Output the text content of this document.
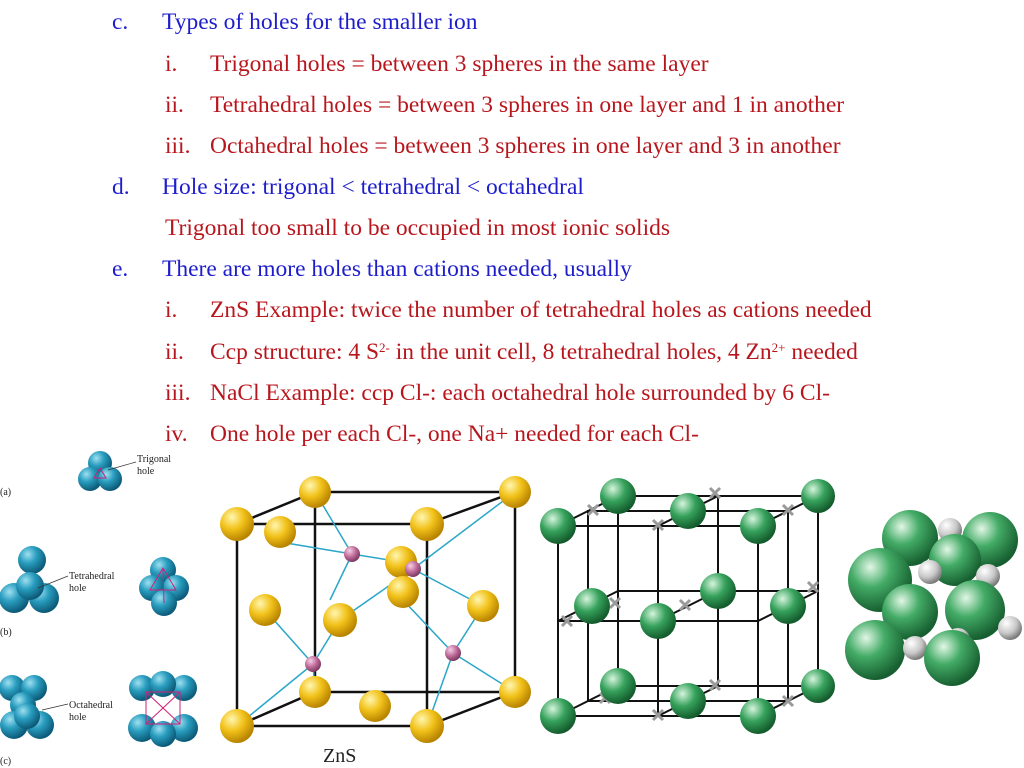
c. Types of holes for the smaller ion
i. Trigonal holes = between 3 spheres in the same layer
ii. Tetrahedral holes = between 3 spheres in one layer and 1 in another
iii. Octahedral holes = between 3 spheres in one layer and 3 in another
d. Hole size: trigonal < tetrahedral < octahedral
Trigonal too small to be occupied in most ionic solids
e. There are more holes than cations needed, usually
i. ZnS Example: twice the number of tetrahedral holes as cations needed
ii. Ccp structure: 4 $S^{2-}$ in the unit cell, 8 tetrahedral holes, 4 $Zn^{2+}$ needed
iii. NaCl Example: ccp Cl-: each octahedral hole surrounded by 6 Cl-
iv. One hole per each Cl-, one Na+ needed for each Cl-
Trigonal
hole
(a)
Tetrahedral
hole
(b)
Octahedral
hole
(c)	ZnS
